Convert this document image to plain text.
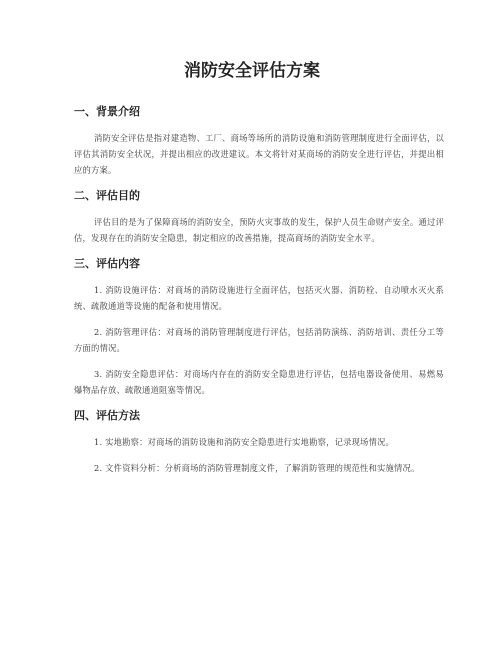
消防安全评估方案
一、背景介绍

消防安全评估是指对建造物、工厂、商场等场所的消防设施和消防管理制度进行全面评估，以评估其消防安全状况，并提出相应的改进建议。本文将针对某商场的消防安全进行评估，并提出相应的方案。

二、评估目的

评估目的是为了保障商场的消防安全，预防火灾事故的发生，保护人员生命财产安全。通过评估，发现存在的消防安全隐患，制定相应的改善措施，提高商场的消防安全水平。

三、评估内容

1. 消防设施评估：对商场的消防设施进行全面评估，包括灭火器、消防栓、自动喷水灭火系统、疏散通道等设施的配备和使用情况。

2. 消防管理评估：对商场的消防管理制度进行评估，包括消防演练、消防培训、责任分工等方面的情况。

3. 消防安全隐患评估：对商场内存在的消防安全隐患进行评估，包括电器设备使用、易燃易爆物品存放、疏散通道阻塞等情况。

四、评估方法

1. 实地勘察：对商场的消防设施和消防安全隐患进行实地勘察，记录现场情况。

2. 文件资料分析：分析商场的消防管理制度文件，了解消防管理的规范性和实施情况。
